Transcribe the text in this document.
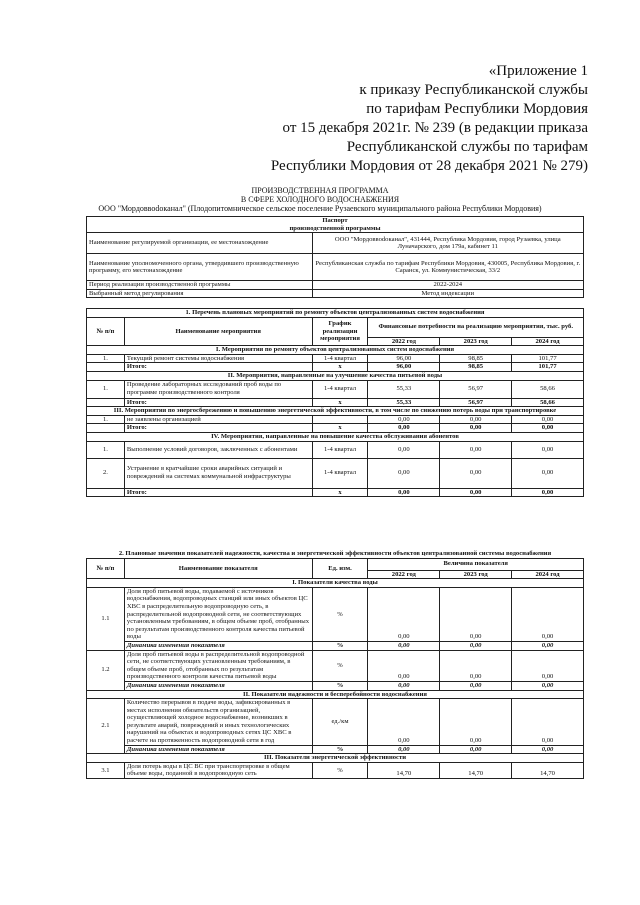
«Приложение 1
к приказу Республиканской службы
по тарифам Республики Мордовия
от 15 декабря 2021г. № 239 (в редакции приказа
Республиканской службы по тарифам
Республики Мордовия от 28 декабря 2021 № 279)
ПРОИЗВОДСТВЕННАЯ ПРОГРАММА
В СФЕРЕ ХОЛОДНОГО ВОДОСНАБЖЕНИЯ
ООО "Мордоввоdоканал" (Плодопитомническое сельское поселение Рузаевского муниципального района Республики Мордовия)
Паспорт
производственной программы	
Наименование регулируемой организации, ее местонахождение	ООО "Мордоввоdоканал", 431444, Республика Мордовия, город Рузаевка, улица Луначарского, дом 179а, кабинет 11
Наименование уполномоченного органа, утвердившего производственную программу, его местонахождение	Республиканская служба по тарифам Республики Мордовия, 430005, Республика Мордовия, г. Саранск, ул. Коммунистическая, 33/2
Период реализации производственной программы	2022-2024
Выбранный метод регулирования	Метод индексации
1. Перечень плановых мероприятий по ремонту объектов централизованных систем водоснабжения					
№ п/п	Наименование мероприятия	График реализации мероприятия	Финансовые потребности на реализацию мероприятия, тыс. руб.		
			2022 год	2023 год	2024 год
I. Мероприятия по ремонту объектов централизованных систем водоснабжения					
1.	Текущий ремонт системы водоснабжения	1-4 квартал	96,00	98,85	101,77
	Итого:	х	96,00	98,85	101,77
II. Мероприятия, направленные на улучшение качества питьевой воды					
1.	Проведение лабораторных исследований проб воды по программе производственного контроля	1-4 квартал	55,33	56,97	58,66
	Итого:	х	55,33	56,97	58,66
III. Мероприятия по энергосбережению и повышению энергетической эффективности, в том числе по снижению потерь воды при транспортировке					
1.	не заявлены организацией		0,00	0,00	0,00
	Итого:	х	0,00	0,00	0,00
IV. Мероприятия, направленные на повышение качества обслуживания абонентов					
1.	Выполнение условий договоров, заключенных с абонентами	1-4 квартал	0,00	0,00	0,00
2.	Устранение в кратчайшие сроки аварийных ситуаций и повреждений на системах коммунальной инфраструктуры	1-4 квартал	0,00	0,00	0,00
	Итого:	х	0,00	0,00	0,00
2. Плановые значения показателей надежности, качества и энергетической эффективности объектов централизованной системы водоснабжения					
№ п/п	Наименование показателя	Ед. изм.	Величина показателя		
			2022 год	2023 год	2024 год
I. Показатели качества воды					
1.1	Доля проб питьевой воды, подаваемой с источников водоснабжения, водопроводных станций или иных объектов ЦС ХВС в распределительную водопроводную сеть, в распределительной водопроводной сети, не соответствующих установленным требованиям, в общем объеме проб, отобранных по результатам производственного контроля качества питьевой воды	%	0,00	0,00	0,00
	Динамика изменения показателя	%	0,00	0,00	0,00
1.2	Доля проб питьевой воды в распределительной водопроводной сети, не соответствующих установленным требованиям, в общем объеме проб, отобранных по результатам производственного контроля качества питьевой воды	%	0,00	0,00	0,00
	Динамика изменения показателя	%	0,00	0,00	0,00
II. Показатели надежности и бесперебойности водоснабжения					
2.1	Количество перерывов в подаче воды, зафиксированных в местах исполнения обязательств организацией, осуществляющей холодное водоснабжение, возникших в результате аварий, повреждений и иных технологических нарушений на объектах и водопроводных сетях ЦС ХВС в расчете на протяженность водопроводной сети в год	ед./км	0,00	0,00	0,00
	Динамика изменения показателя	%	0,00	0,00	0,00
III. Показатели энергетической эффективности					
3.1	Доля потерь воды в ЦС ВС при транспортировке в общем объеме воды, поданной в водопроводную сеть	%	14,70	14,70	14,70
